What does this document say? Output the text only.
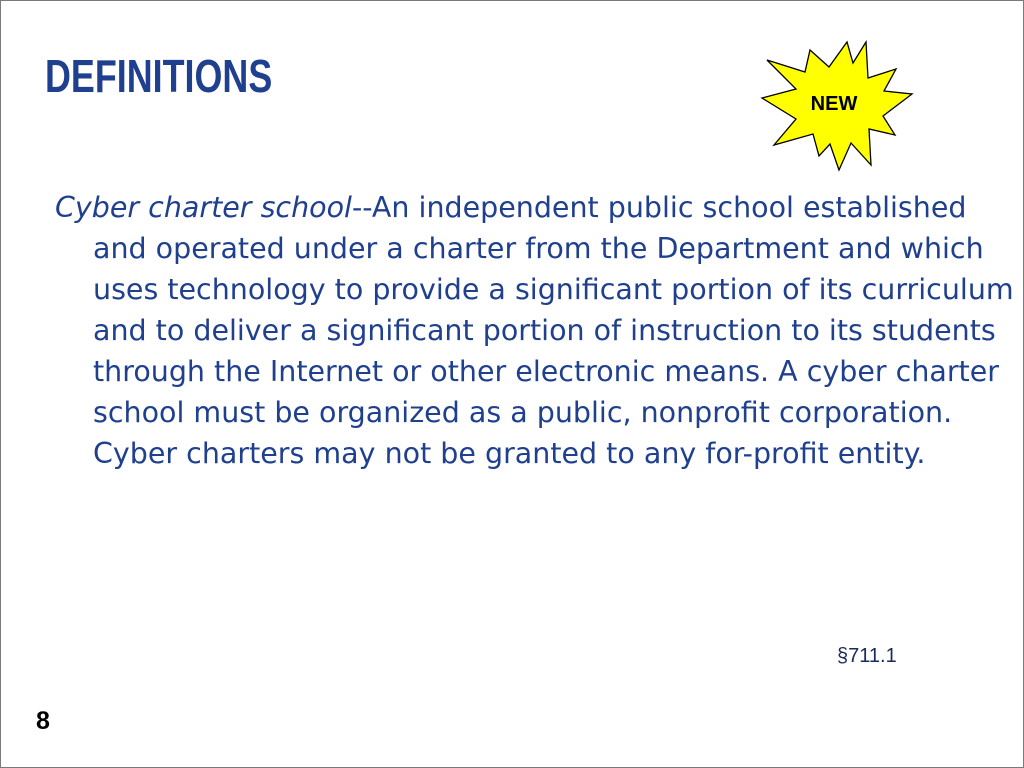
DEFINITIONS
NEW

Cyber charter school--An independent public school established and operated under a charter from the Department and which uses technology to provide a significant portion of its curriculum and to deliver a significant portion of instruction to its students through the Internet or other electronic means. A cyber charter school must be organized as a public, nonprofit corporation. Cyber charters may not be granted to any for-profit entity.

§711.1
8
